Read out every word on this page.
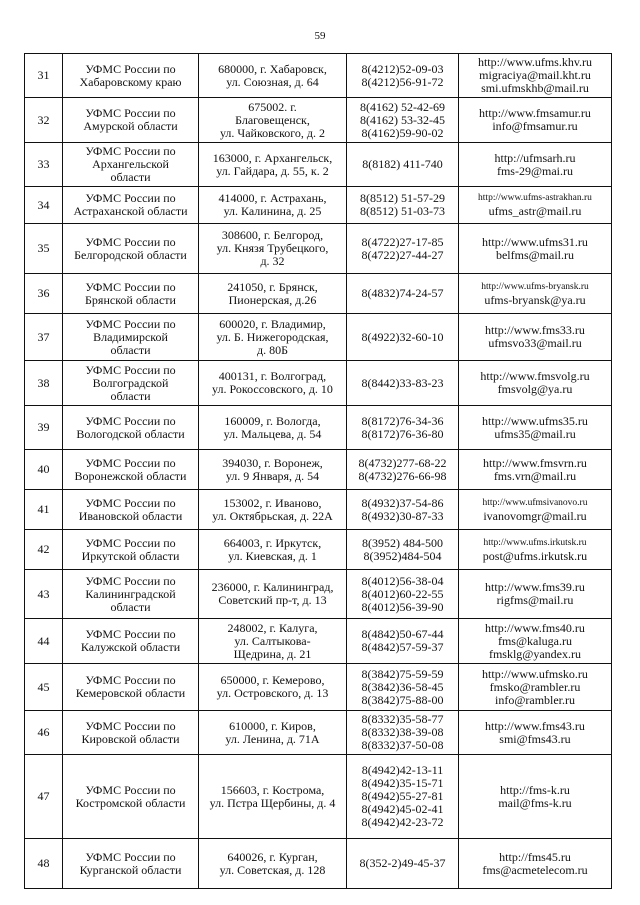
59
31	УФМС России по
Хабаровскому краю	680000, г. Хабаровск,
ул. Союзная, д. 64	8(4212)52-09-03
8(4212)56-91-72	http://www.ufms.khv.ru
migraciya@mail.kht.ru
smi.ufmskhb@mail.ru

32	УФМС России по
Амурской области	675002. г.
Благовещенск,
ул. Чайковского, д. 2	8(4162) 52-42-69
8(4162) 53-32-45
8(4162)59-90-02	http://www.fmsamur.ru
info@fmsamur.ru

33	УФМС России по
Архангельской
области	163000, г. Архангельск,
ул. Гайдара, д. 55, к. 2	8(8182) 411-740	http://ufmsarh.ru
fms-29@mai.ru

34	УФМС России по
Астраханской области	414000, г. Астрахань,
ул. Калинина, д. 25	8(8512) 51-57-29
8(8512) 51-03-73	http://www.ufms-astrakhan.ru
ufms_astr@mail.ru

35	УФМС России по
Белгородской области	308600, г. Белгород,
ул. Князя Трубецкого,
д. 32	8(4722)27-17-85
8(4722)27-44-27	http://www.ufms31.ru
belfms@mail.ru

36	УФМС России по
Брянской области	241050, г. Брянск,
Пионерская, д.26	8(4832)74-24-57	http://www.ufms-bryansk.ru
ufms-bryansk@ya.ru

37	УФМС России по
Владимирской
области	600020, г. Владимир,
ул. Б. Нижегородская,
д. 80Б	8(4922)32-60-10	http://www.fms33.ru
ufmsvo33@mail.ru

38	УФМС России по
Волгоградской
области	400131, г. Волгоград,
ул. Рокоссовского, д. 10	8(8442)33-83-23	http://www.fmsvolg.ru
fmsvolg@ya.ru

39	УФМС России по
Вологодской области	160009, г. Вологда,
ул. Мальцева, д. 54	8(8172)76-34-36
8(8172)76-36-80	http://www.ufms35.ru
ufms35@mail.ru

40	УФМС России по
Воронежской области	394030, г. Воронеж,
ул. 9 Января, д. 54	8(4732)277-68-22
8(4732)276-66-98	http://www.fmsvrn.ru
fms.vrn@mail.ru

41	УФМС России по
Ивановской области	153002, г. Иваново,
ул. Октябрьская, д. 22А	8(4932)37-54-86
8(4932)30-87-33	http://www.ufmsivanovo.ru
ivanovomgr@mail.ru

42	УФМС России по
Иркутской области	664003, г. Иркутск,
ул. Киевская, д. 1	8(3952) 484-500
8(3952)484-504	http://www.ufms.irkutsk.ru
post@ufms.irkutsk.ru

43	УФМС России по
Калининградской
области	236000, г. Калининград,
Советский пр-т, д. 13	8(4012)56-38-04
8(4012)60-22-55
8(4012)56-39-90	http://www.fms39.ru
rigfms@mail.ru

44	УФМС России по
Калужской области	248002, г. Калуга,
ул. Салтыкова-
Щедрина, д. 21	8(4842)50-67-44
8(4842)57-59-37	http://www.fms40.ru
fms@kaluga.ru
fmsklg@yandex.ru

45	УФМС России по
Кемеровской области	650000, г. Кемерово,
ул. Островского, д. 13	8(3842)75-59-59
8(3842)36-58-45
8(3842)75-88-00	http://www.ufmsko.ru
fmsko@rambler.ru
info@rambler.ru

46	УФМС России по
Кировской области	610000, г. Киров,
ул. Ленина, д. 71А	8(8332)35-58-77
8(8332)38-39-08
8(8332)37-50-08	http://www.fms43.ru
smi@fms43.ru

47	УФМС России по
Костромской области	156603, г. Кострома,
ул. Пстра Щербины, д. 4	8(4942)42-13-11
8(4942)35-15-71
8(4942)55-27-81
8(4942)45-02-41
8(4942)42-23-72	http://fms-k.ru
mail@fms-k.ru

48	УФМС России по
Курганской области	640026, г. Курган,
ул. Советская, д. 128	8(352-2)49-45-37	http://fms45.ru
fms@acmetelecom.ru
